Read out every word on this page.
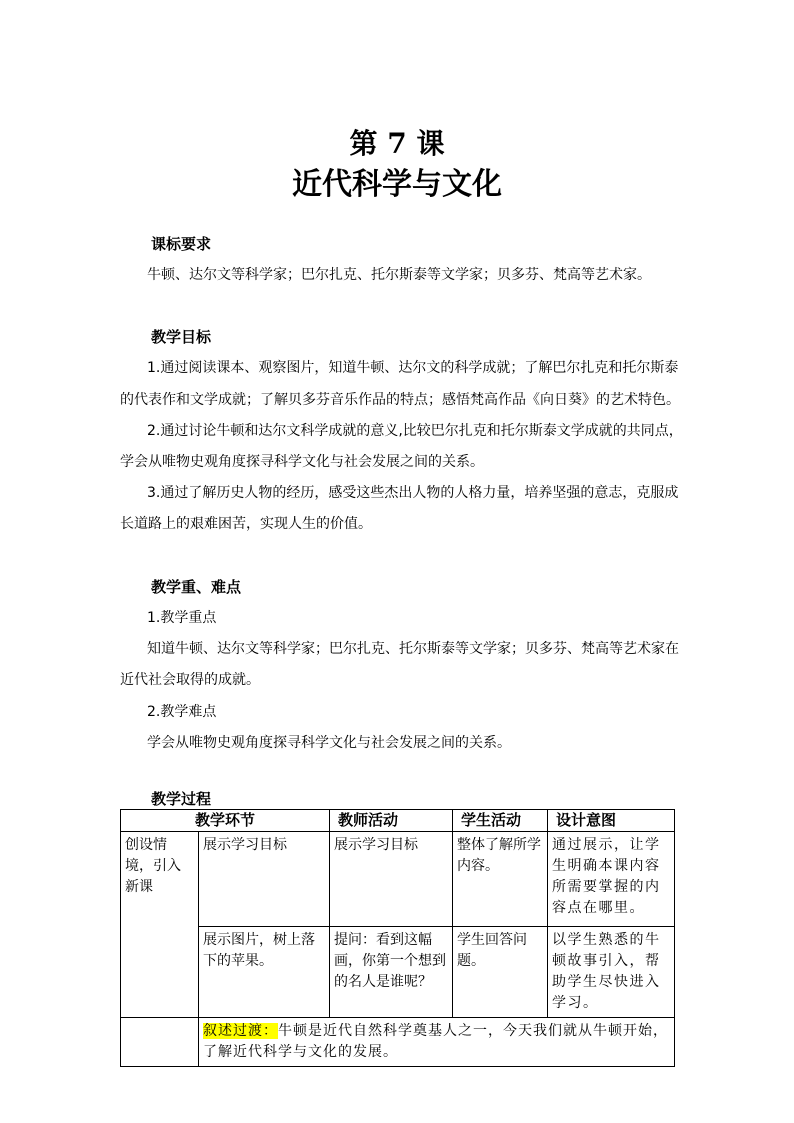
第 7 课
近代科学与文化
课标要求
牛顿、达尔文等科学家；巴尔扎克、托尔斯泰等文学家；贝多芬、梵高等艺术家。
教学目标
1.通过阅读课本、观察图片，知道牛顿、达尔文的科学成就；了解巴尔扎克和托尔斯泰
的代表作和文学成就；了解贝多芬音乐作品的特点；感悟梵高作品《向日葵》的艺术特色。
2.通过讨论牛顿和达尔文科学成就的意义,比较巴尔扎克和托尔斯泰文学成就的共同点，
学会从唯物史观角度探寻科学文化与社会发展之间的关系。
3.通过了解历史人物的经历，感受这些杰出人物的人格力量，培养坚强的意志，克服成
长道路上的艰难困苦，实现人生的价值。
教学重、难点
1.教学重点
知道牛顿、达尔文等科学家；巴尔扎克、托尔斯泰等文学家；贝多芬、梵高等艺术家在
近代社会取得的成就。
2.教学难点
学会从唯物史观角度探寻科学文化与社会发展之间的关系。
教学过程
教学环节		教师活动	学生活动	设计意图
创设情境，引入新课	展示学习目标	展示学习目标	整体了解所学内容。	通过展示，让学生明确本课内容所需要掌握的内容点在哪里。
	展示图片，树上落下的苹果。	提问：看到这幅画，你第一个想到的名人是谁呢？	学生回答问题。	以学生熟悉的牛顿故事引入，帮助学生尽快进入学习。
	叙述过渡：牛顿是近代自然科学奠基人之一，今天我们就从牛顿开始，了解近代科学与文化的发展。			
